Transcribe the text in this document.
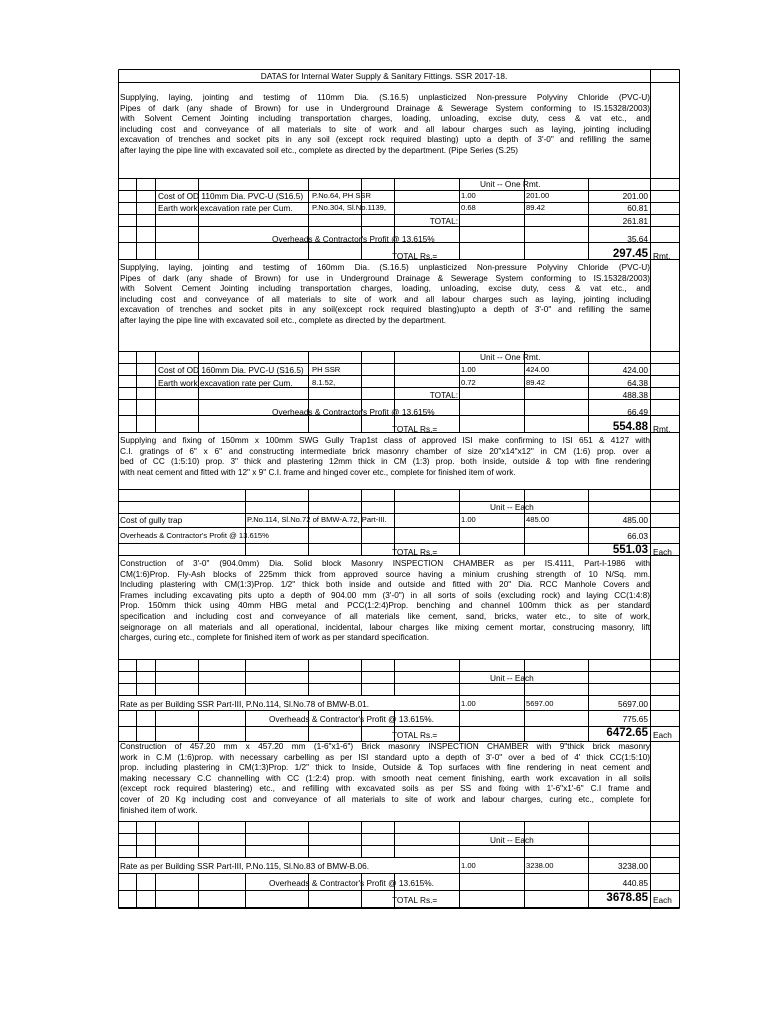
DATAS for Internal Water Supply & Sanitary Fittings. SSR 2017-18.
Supplying, laying, jointing and testimg of 110mm Dia. (S.16.5) unplasticized Non-pressure Polyviny Chloride (PVC-U)
Pipes of dark (any shade of Brown) for use in Underground Drainage & Sewerage System conforming to IS.15328/2003)
with Solvent Cement Jointing including transportation charges, loading, unloading, excise duty, cess & vat etc., and
including cost and conveyance of all materials to site of work and all labour charges such as laying, jointing including
excavation of trenches and socket pits in any soil (except rock required blasting) upto a depth of 3'-0" and refilling the same
after laying the pipe line with excavated soil etc., complete as directed by the department. (Pipe Series (S.25)
Unit -- One Rmt.
Cost of OD 110mm Dia. PVC-U (S16.5) P.No.64, PH SSR	1.00	201.00	201.00
Earth work excavation rate per Cum.	P.No.304, Sl.No.1139,	0.68	89.42	60.81
TOTAL:	261.81
Overheads & Contractor's Profit @ 13.615%	35.64
TOTAL Rs.=	297.45 Rmt.
Supplying, laying, jointing and testimg of 160mm Dia. (S.16.5) unplasticized Non-pressure Polyviny Chloride (PVC-U)
Pipes of dark (any shade of Brown) for use in Underground Drainage & Sewerage System conforming to IS.15328/2003)
with Solvent Cement Jointing including transportation charges, loading, unloading, excise duty, cess & vat etc., and
including cost and conveyance of all materials to site of work and all labour charges such as laying, jointing including
excavation of trenches and socket pits in any soil(except rock required blasting)upto a depth of 3'-0" and refilling the same
after laying the pipe line with excavated soil etc., complete as directed by the department.
Unit -- One Rmt.
Cost of OD 160mm Dia. PVC-U (S16.5) PH SSR	1.00	424.00	424.00
Earth work excavation rate per Cum.	8.1.52,	0.72	89.42	64.38
TOTAL:	488.38
Overheads & Contractor's Profit @ 13.615%	66.49
TOTAL Rs.=	554.88 Rmt.
Supplying and fixing of 150mm x 100mm SWG Gully Trap1st class of approved ISI make confirming to ISI 651 & 4127 with
C.I. gratings of 6" x 6" and constructing intermediate brick masonry chamber of size 20"x14"x12" in CM (1:6) prop. over a
bed of CC (1:5:10) prop. 3" thick and plastering 12mm thick in CM (1:3) prop. both inside, outside & top with fine rendering
with neat cement and fitted with 12" x 9" C.I. frame and hinged cover etc., complete for finished item of work.
Unit -- Each
Cost of gully trap	P.No.114, Sl.No.72 of BMW-A.72, Part-III.	1.00	485.00	485.00
Overheads & Contractor's Profit @ 13.615%	66.03
TOTAL Rs.=	551.03 Each
Construction of 3'-0" (904.0mm) Dia. Solid block Masonry INSPECTION CHAMBER as per IS.4111, Part-I-1986 with
CM(1:6)Prop. Fly-Ash blocks of 225mm thick from approved source having a minium crushing strength of 10 N/Sq. mm.
Including plastering with CM(1:3)Prop. 1/2" thick both inside and outside and fitted with 20" Dia. RCC Manhole Covers and
Frames including excavating pits upto a depth of 904.00 mm (3'-0") in all sorts of soils (excluding rock) and laying CC(1:4:8)
Prop. 150mm thick using 40mm HBG metal and PCC(1:2:4)Prop. benching and channel 100mm thick as per standard
specification and including cost and conveyance of all materials like cement, sand, bricks, water etc., to site of work,
seignorage on all materials and all operational, incidental, labour charges like mixing cement mortar, construcing masonry, lift
charges, curing etc., complete for finished item of work as per standard specification.
Unit -- Each
Rate as per Building SSR Part-III, P.No.114, Sl.No.78 of BMW-B.01.	1.00	5697.00	5697.00
Overheads & Contractor's Profit @ 13.615%.	775.65
TOTAL Rs.=	6472.65 Each
Construction of 457.20 mm x 457.20 mm (1-6"x1-6") Brick masonry INSPECTION CHAMBER with 9"thick brick masonry
work in C.M (1:6)prop. with necessary carbelling as per ISI standard upto a depth of 3'-0" over a bed of 4' thick CC(1:5:10)
prop. including plastering in CM(1:3)Prop. 1/2" thick to Inside, Outside & Top surfaces with fine rendering in neat cement and
making necessary C.C channelling with CC (1:2:4) prop. with smooth neat cement finishing, earth work excavation in all soils
(except rock required blastering) etc., and refilling with excavated soils as per SS and fixing with 1'-6"x1'-6" C.I frame and
cover of 20 Kg including cost and conveyance of all materials to site of work and labour charges, curing etc., complete for
finished item of work.
Unit -- Each
Rate as per Building SSR Part-III, P.No.115, Sl.No.83 of BMW-B.06.	1.00	3238.00	3238.00
Overheads & Contractor's Profit @ 13.615%.	440.85
TOTAL Rs.=	3678.85 Each
